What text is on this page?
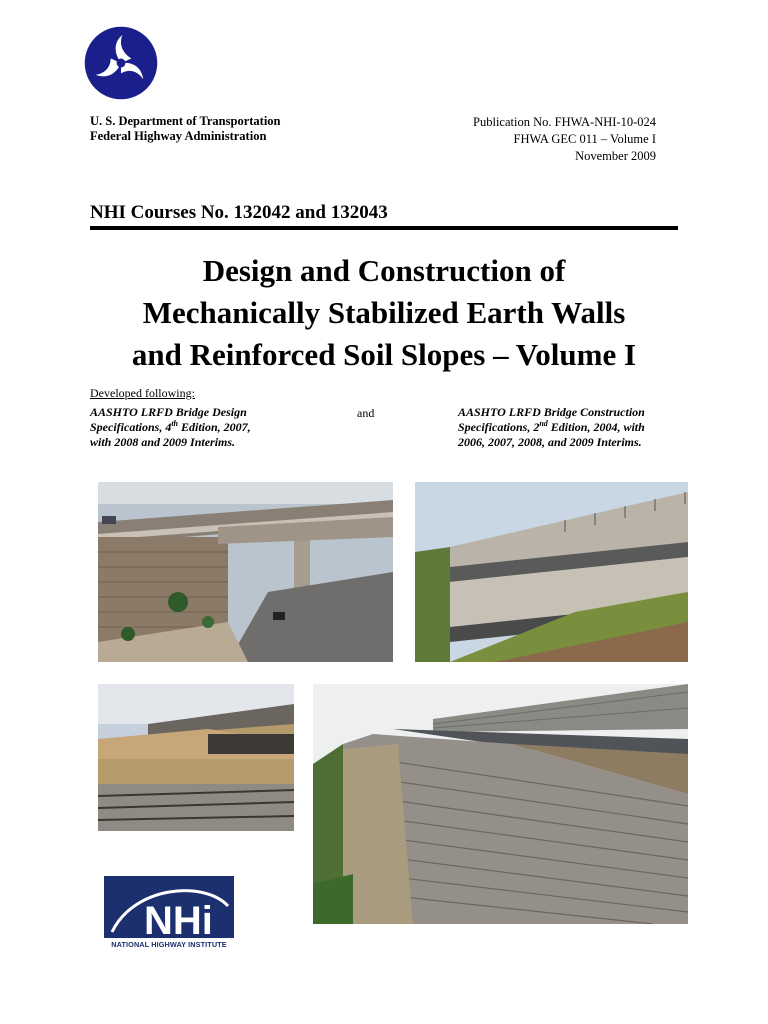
U. S. Department of Transportation
Federal Highway Administration
Publication No. FHWA-NHI-10-024
FHWA GEC 011 – Volume I
November 2009
NHI Courses No. 132042 and 132043
Design and Construction of
Mechanically Stabilized Earth Walls
and Reinforced Soil Slopes – Volume I
Developed following:
AASHTO LRFD Bridge Design
Specifications, 4th Edition, 2007,
with 2008 and 2009 Interims.
and	AASHTO LRFD Bridge Construction
Specifications, 2nd Edition, 2004, with
2006, 2007, 2008, and 2009 Interims.
NHi
NATIONAL HIGHWAY INSTITUTE
